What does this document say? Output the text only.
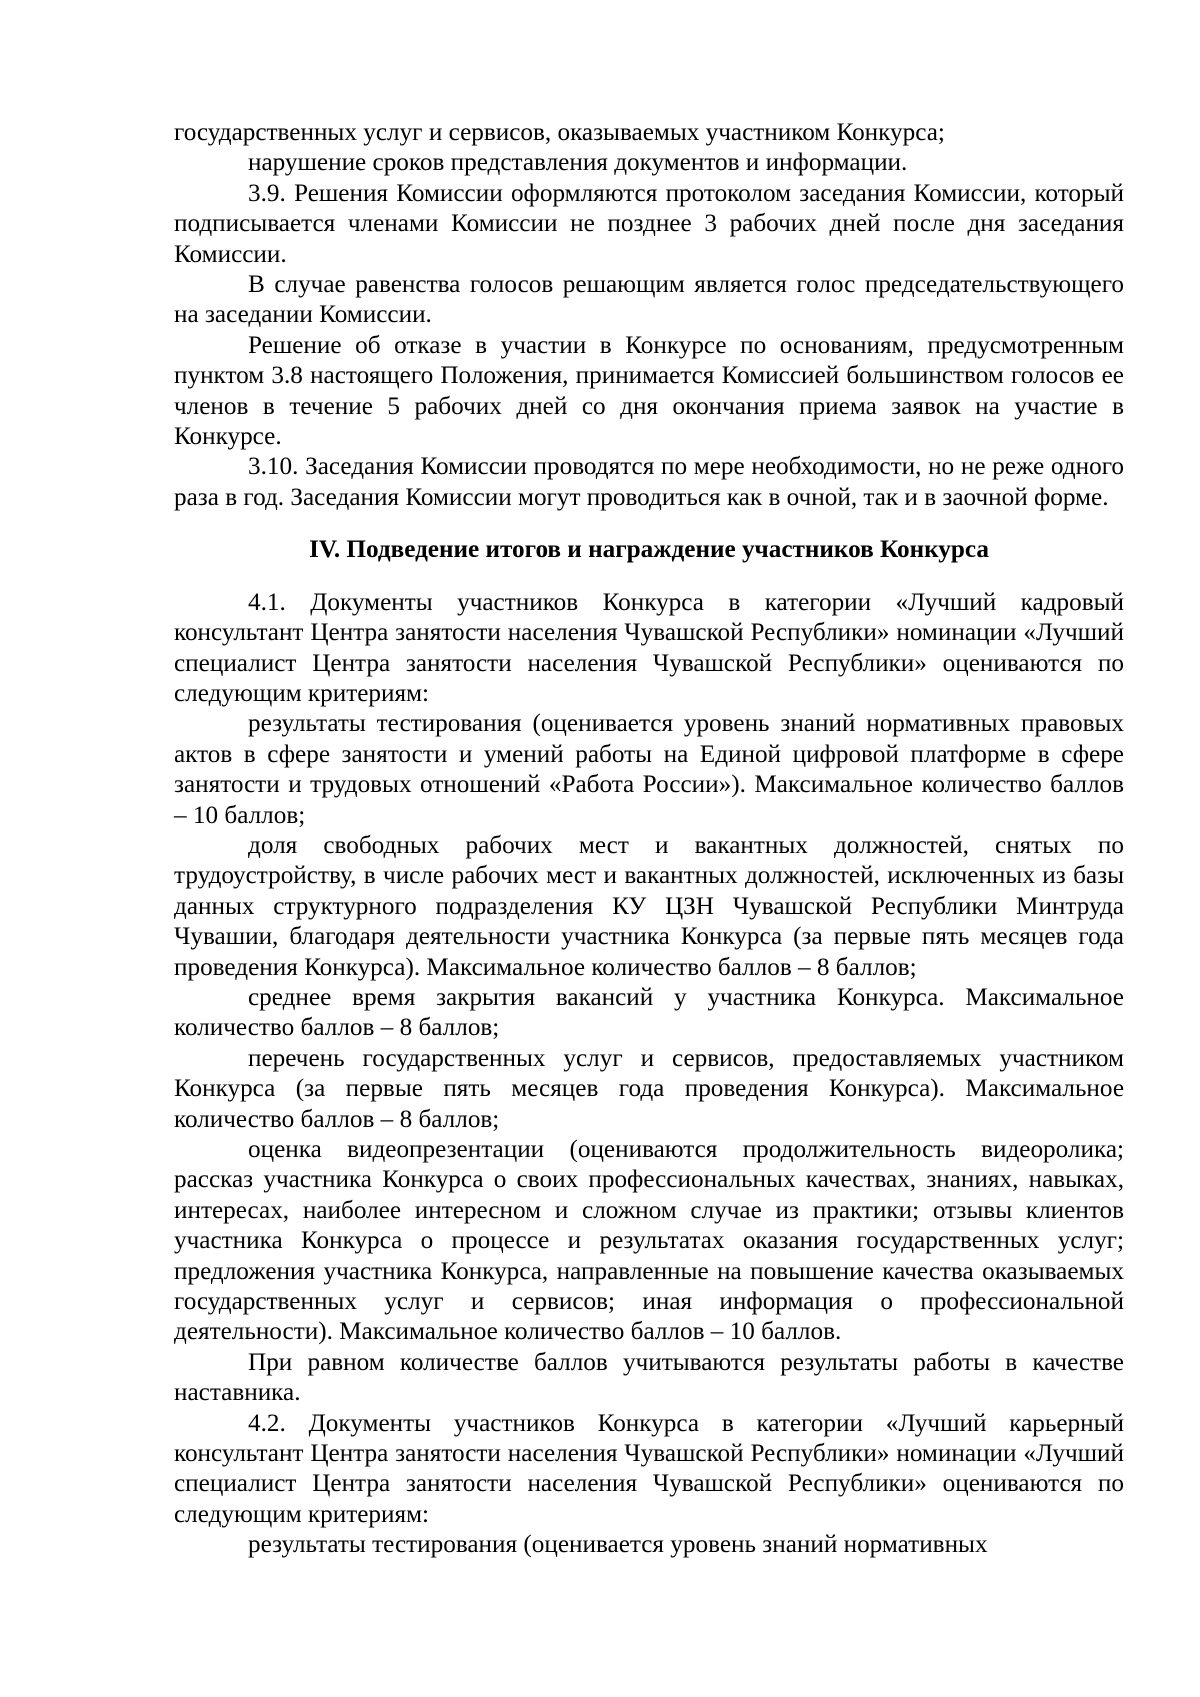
государственных услуг и сервисов, оказываемых участником Конкурса;

нарушение сроков представления документов и информации.

3.9. Решения Комиссии оформляются протоколом заседания Комиссии, который подписывается членами Комиссии не позднее 3 рабочих дней после дня заседания Комиссии.

В случае равенства голосов решающим является голос председательствующего на заседании Комиссии.

Решение об отказе в участии в Конкурсе по основаниям, предусмотренным пунктом 3.8 настоящего Положения, принимается Комиссией большинством голосов ее членов в течение 5 рабочих дней со дня окончания приема заявок на участие в Конкурсе.

3.10. Заседания Комиссии проводятся по мере необходимости, но не реже одного раза в год. Заседания Комиссии могут проводиться как в очной, так и в заочной форме.

IV. Подведение итогов и награждение участников Конкурса

4.1. Документы участников Конкурса в категории «Лучший кадровый консультант Центра занятости населения Чувашской Республики» номинации «Лучший специалист Центра занятости населения Чувашской Республики» оцениваются по следующим критериям:

результаты тестирования (оценивается уровень знаний нормативных правовых актов в сфере занятости и умений работы на Единой цифровой платформе в сфере занятости и трудовых отношений «Работа России»). Максимальное количество баллов – 10 баллов;

доля свободных рабочих мест и вакантных должностей, снятых по трудоустройству, в числе рабочих мест и вакантных должностей, исключенных из базы данных структурного подразделения КУ ЦЗН Чувашской Республики Минтруда Чувашии, благодаря деятельности участника Конкурса (за первые пять месяцев года проведения Конкурса). Максимальное количество баллов – 8 баллов;

среднее время закрытия вакансий у участника Конкурса. Максимальное количество баллов – 8 баллов;

перечень государственных услуг и сервисов, предоставляемых участником Конкурса (за первые пять месяцев года проведения Конкурса). Максимальное количество баллов – 8 баллов;

оценка видеопрезентации (оцениваются продолжительность видеоролика; рассказ участника Конкурса о своих профессиональных качествах, знаниях, навыках, интересах, наиболее интересном и сложном случае из практики; отзывы клиентов участника Конкурса о процессе и результатах оказания государственных услуг; предложения участника Конкурса, направленные на повышение качества оказываемых государственных услуг и сервисов; иная информация о профессиональной деятельности). Максимальное количество баллов – 10 баллов.

При равном количестве баллов учитываются результаты работы в качестве наставника.

4.2. Документы участников Конкурса в категории «Лучший карьерный консультант Центра занятости населения Чувашской Республики» номинации «Лучший специалист Центра занятости населения Чувашской Республики» оцениваются по следующим критериям:

результаты тестирования (оценивается уровень знаний нормативных
